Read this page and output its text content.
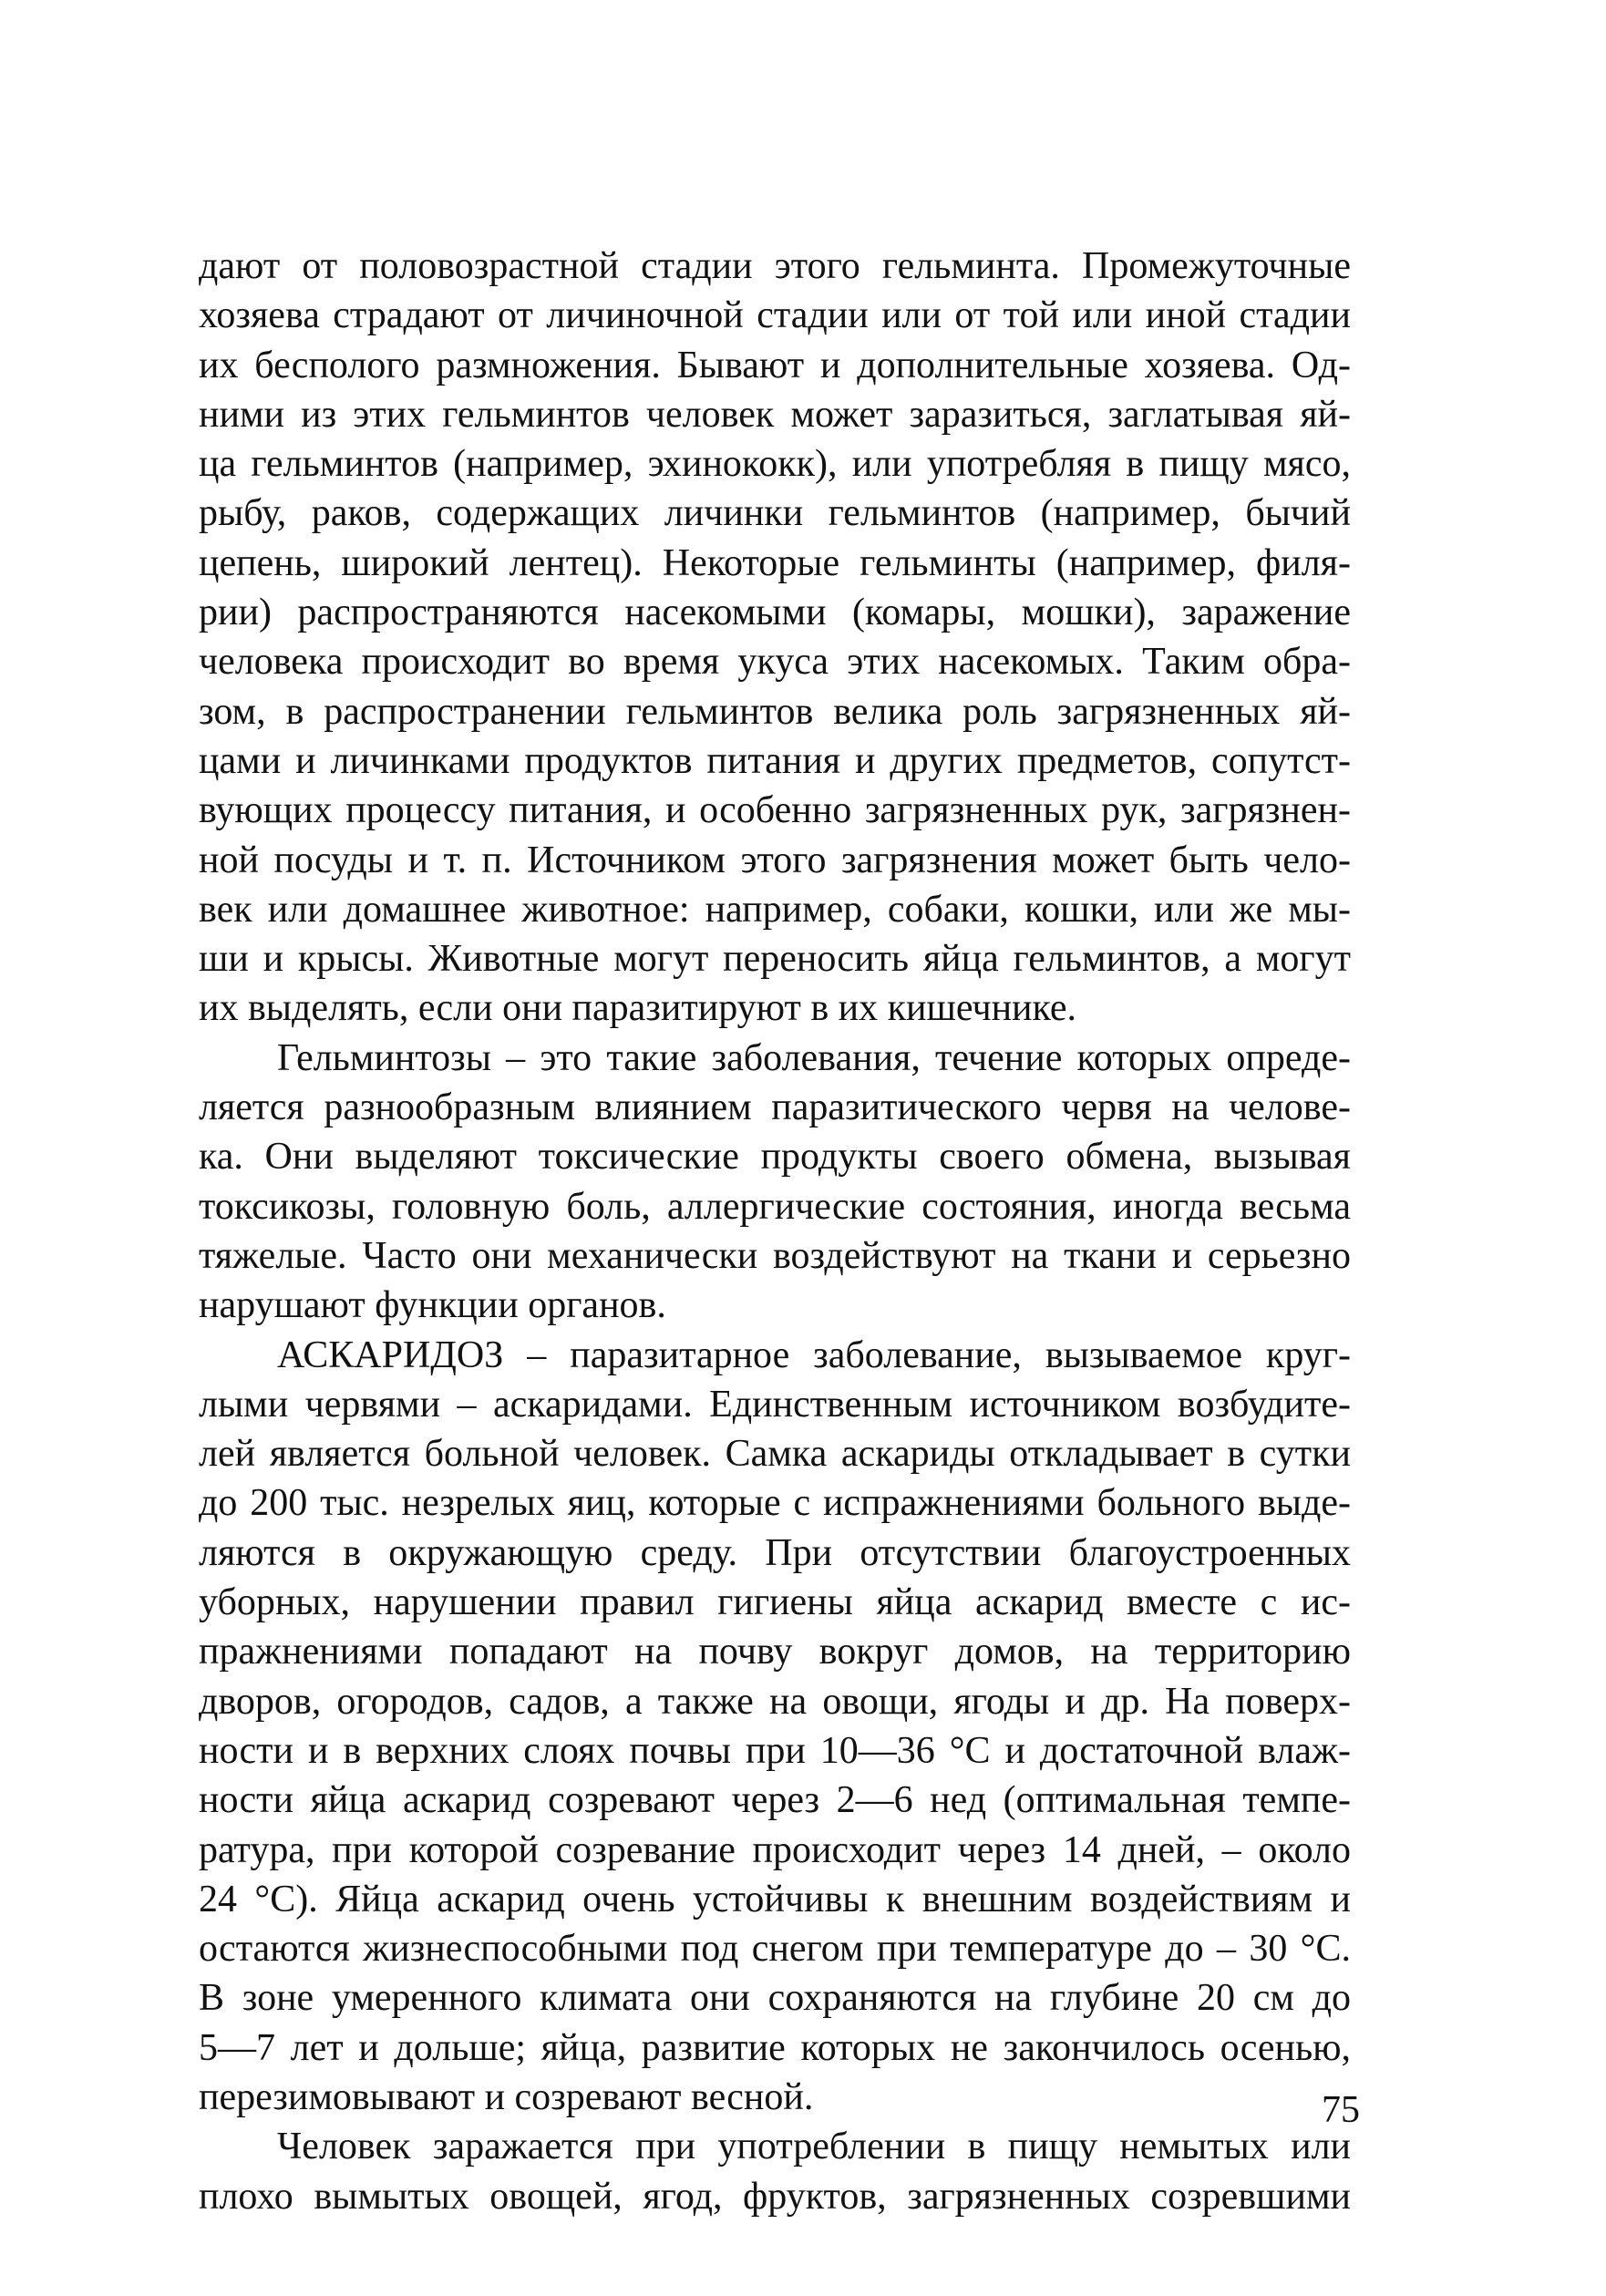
дают от половозрастной стадии этого гельминта. Промежуточные
хозяева страдают от личиночной стадии или от той или иной стадии
их бесполого размножения. Бывают и дополнительные хозяева. Од-
ними из этих гельминтов человек может заразиться, заглатывая яй-
ца гельминтов (например, эхинококк), или употребляя в пищу мясо,
рыбу, раков, содержащих личинки гельминтов (например, бычий
цепень, широкий лентец). Некоторые гельминты (например, филя-
рии) распространяются насекомыми (комары, мошки), заражение
человека происходит во время укуса этих насекомых. Таким обра-
зом, в распространении гельминтов велика роль загрязненных яй-
цами и личинками продуктов питания и других предметов, сопутст-
вующих процессу питания, и особенно загрязненных рук, загрязнен-
ной посуды и т. п. Источником этого загрязнения может быть чело-
век или домашнее животное: например, собаки, кошки, или же мы-
ши и крысы. Животные могут переносить яйца гельминтов, а могут
их выделять, если они паразитируют в их кишечнике.
Гельминтозы – это такие заболевания, течение которых опреде-
ляется разнообразным влиянием паразитического червя на челове-
ка. Они выделяют токсические продукты своего обмена, вызывая
токсикозы, головную боль, аллергические состояния, иногда весьма
тяжелые. Часто они механически воздействуют на ткани и серьезно
нарушают функции органов.
АСКАРИДОЗ – паразитарное заболевание, вызываемое круг-
лыми червями – аскаридами. Единственным источником возбудите-
лей является больной человек. Самка аскариды откладывает в сутки
до 200 тыс. незрелых яиц, которые с испражнениями больного выде-
ляются в окружающую среду. При отсутствии благоустроенных
уборных, нарушении правил гигиены яйца аскарид вместе с ис-
пражнениями попадают на почву вокруг домов, на территорию
дворов, огородов, садов, а также на овощи, ягоды и др. На поверх-
ности и в верхних слоях почвы при 10—36 °С и достаточной влаж-
ности яйца аскарид созревают через 2—6 нед (оптимальная темпе-
ратура, при которой созревание происходит через 14 дней, – около
24 °С). Яйца аскарид очень устойчивы к внешним воздействиям и
остаются жизнеспособными под снегом при температуре до – 30 °С.
В зоне умеренного климата они сохраняются на глубине 20 см до
5—7 лет и дольше; яйца, развитие которых не закончилось осенью,
перезимовывают и созревают весной.
Человек заражается при употреблении в пищу немытых или
плохо вымытых овощей, ягод, фруктов, загрязненных созревшими
75
